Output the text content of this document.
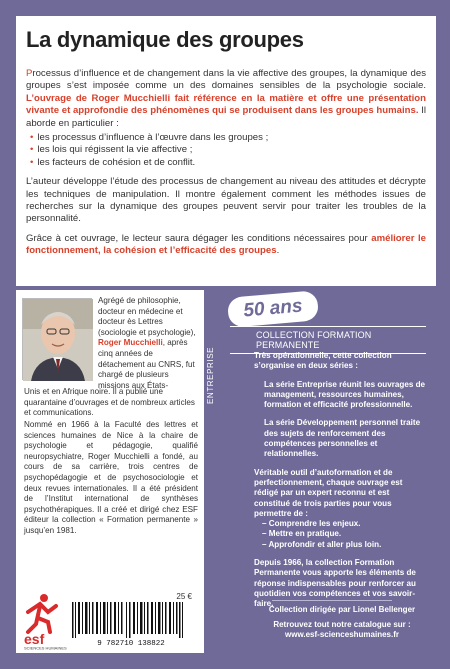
La dynamique des groupes

Processus d’influence et de changement dans la vie affective des groupes, la dynamique des groupes s’est imposée comme un des domaines sensibles de la psychologie sociale. L’ouvrage de Roger Mucchielli fait référence en la matière et offre une présentation vivante et approfondie des phénomènes qui se produisent dans les groupes humains. Il aborde en particulier :

• les processus d’influence à l’œuvre dans les groupes ;
• les lois qui régissent la vie affective ;
• les facteurs de cohésion et de conflit.

L’auteur développe l’étude des processus de changement au niveau des attitudes et décrypte les techniques de manipulation. Il montre également comment les méthodes issues de recherches sur la dynamique des groupes peuvent servir pour traiter les troubles de la personnalité.

Grâce à cet ouvrage, le lecteur saura dégager les conditions nécessaires pour améliorer le fonctionnement, la cohésion et l’efficacité des groupes.

Agrégé de philosophie, docteur en médecine et docteur ès Lettres (sociologie et psychologie), Roger Mucchielli, après cinq années de détachement au CNRS, fut chargé de plusieurs missions aux États-
Unis et en Afrique noire. Il a publié une quarantaine d’ouvrages et de nombreux articles et communications.
Nommé en 1966 à la Faculté des lettres et sciences humaines de Nice à la chaire de psychologie et pédagogie, qualifié neuropsychiatre, Roger Mucchielli a fondé, au cours de sa carrière, trois centres de psychopédagogie et de psychosociologie et deux revues internationales. Il a été président de l’Institut international de synthèses psychothérapiques. Il a créé et dirigé chez ESF éditeur la collection « Formation permanente » jusqu’en 1981.
esf
SCIENCES HUMAINES
25 €
9 782710 138822
50 ans
COLLECTION FORMATION PERMANENTE
ENTREPRISE	Très opérationnelle, cette collection s’organise en deux séries :

La série Entreprise réunit les ouvrages de management, ressources humaines, formation et efficacité professionnelle.

La série Développement personnel traite des sujets de renforcement des compétences personnelles et relationnelles.

Véritable outil d’autoformation et de perfectionnement, chaque ouvrage est rédigé par un expert reconnu et est constitué de trois parties pour vous permettre de :
– Comprendre les enjeux.
– Mettre en pratique.
– Approfondir et aller plus loin.

Depuis 1966, la collection Formation Permanente vous apporte les éléments de réponse indispensables pour renforcer au quotidien vos compétences et vos savoir-faire.

Collection dirigée par Lionel Bellenger
Retrouvez tout notre catalogue sur :
www.esf-scienceshumaines.fr
